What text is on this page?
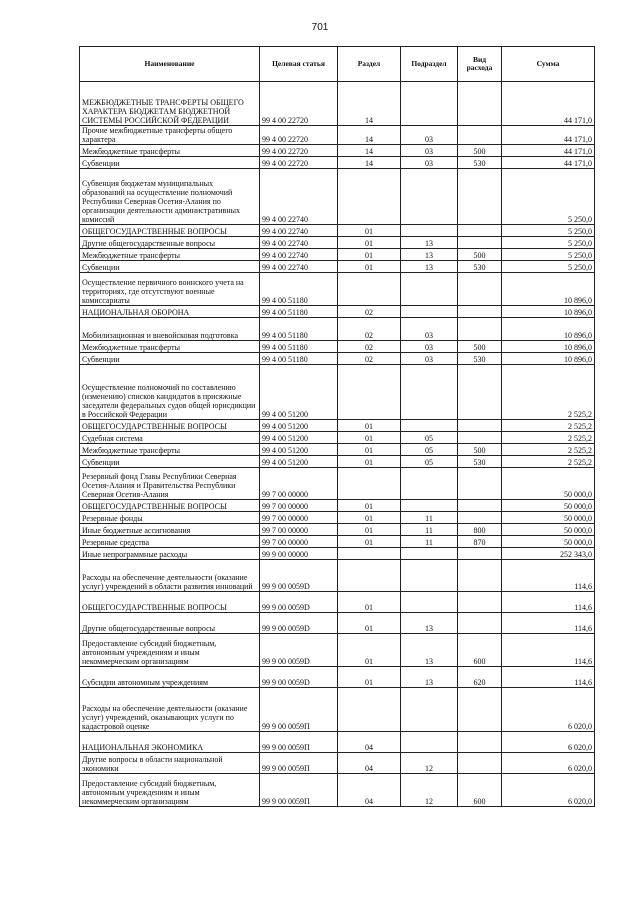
701
Наименование	Целевая статья	Раздел	Подраздел	Вид расхода	Сумма
МЕЖБЮДЖЕТНЫЕ ТРАНСФЕРТЫ ОБЩЕГО ХАРАКТЕРА БЮДЖЕТАМ БЮДЖЕТНОЙ СИСТЕМЫ РОССИЙСКОЙ ФЕДЕРАЦИИ	99 4 00 22720	14			44 171,0
Прочие межбюджетные трансферты общего характера	99 4 00 22720	14	03		44 171,0
Межбюджетные трансферты	99 4 00 22720	14	03	500	44 171,0
Субвенции	99 4 00 22720	14	03	530	44 171,0
Субвенция бюджетам муниципальных образований на осуществление полномочий Республики Северная Осетия-Алания по организации деятельности административных комиссий	99 4 00 22740				5 250,0
ОБЩЕГОСУДАРСТВЕННЫЕ ВОПРОСЫ	99 4 00 22740	01			5 250,0
Другие общегосударственные вопросы	99 4 00 22740	01	13		5 250,0
Межбюджетные трансферты	99 4 00 22740	01	13	500	5 250,0
Субвенции	99 4 00 22740	01	13	530	5 250,0
Осуществление первичного воинского учета на территориях, где отсутствуют военные комиссариаты	99 4 00 51180				10 896,0
НАЦИОНАЛЬНАЯ ОБОРОНА	99 4 00 51180	02			10 896,0
Мобилизационная и вневойсковая подготовка	99 4 00 51180	02	03		10 896,0
Межбюджетные трансферты	99 4 00 51180	02	03	500	10 896,0
Субвенции	99 4 00 51180	02	03	530	10 896,0
Осуществление полномочий по составлению (изменению) списков кандидатов в присяжные заседатели федеральных судов общей юрисдикции в Российской Федерации	99 4 00 51200				2 525,2
ОБЩЕГОСУДАРСТВЕННЫЕ ВОПРОСЫ	99 4 00 51200	01			2 525,2
Судебная система	99 4 00 51200	01	05		2 525,2
Межбюджетные трансферты	99 4 00 51200	01	05	500	2 525,2
Субвенции	99 4 00 51200	01	05	530	2 525,2
Резервный фонд Главы Республики Северная Осетия-Алания и Правительства Республики Северная Осетия-Алания	99 7 00 00000				50 000,0
ОБЩЕГОСУДАРСТВЕННЫЕ ВОПРОСЫ	99 7 00 00000	01			50 000,0
Резервные фонды	99 7 00 00000	01	11		50 000,0
Иные бюджетные ассигнования	99 7 00 00000	01	11	800	50 000,0
Резервные средства	99 7 00 00000	01	11	870	50 000,0
Иные непрограммные расходы	99 9 00 00000				252 343,0
Расходы на обеспечение деятельности (оказание услуг) учреждений в области развития инноваций	99 9 00 0059D				114,6
ОБЩЕГОСУДАРСТВЕННЫЕ ВОПРОСЫ	99 9 00 0059D	01			114,6
Другие общегосударственные вопросы	99 9 00 0059D	01	13		114,6
Предоставление субсидий бюджетным, автономным учреждениям и иным некоммерческим организациям	99 9 00 0059D	01	13	600	114,6
Субсидии автономным учреждениям	99 9 00 0059D	01	13	620	114,6
Расходы на обеспечение деятельности (оказание услуг) учреждений, оказывающих услуги по кадастровой оценке	99 9 00 0059П				6 020,0
НАЦИОНАЛЬНАЯ ЭКОНОМИКА	99 9 00 0059П	04			6 020,0
Другие вопросы в области национальной экономики	99 9 00 0059П	04	12		6 020,0
Предоставление субсидий бюджетным, автономным учреждениям и иным некоммерческим организациям	99 9 00 0059П	04	12	600	6 020,0
